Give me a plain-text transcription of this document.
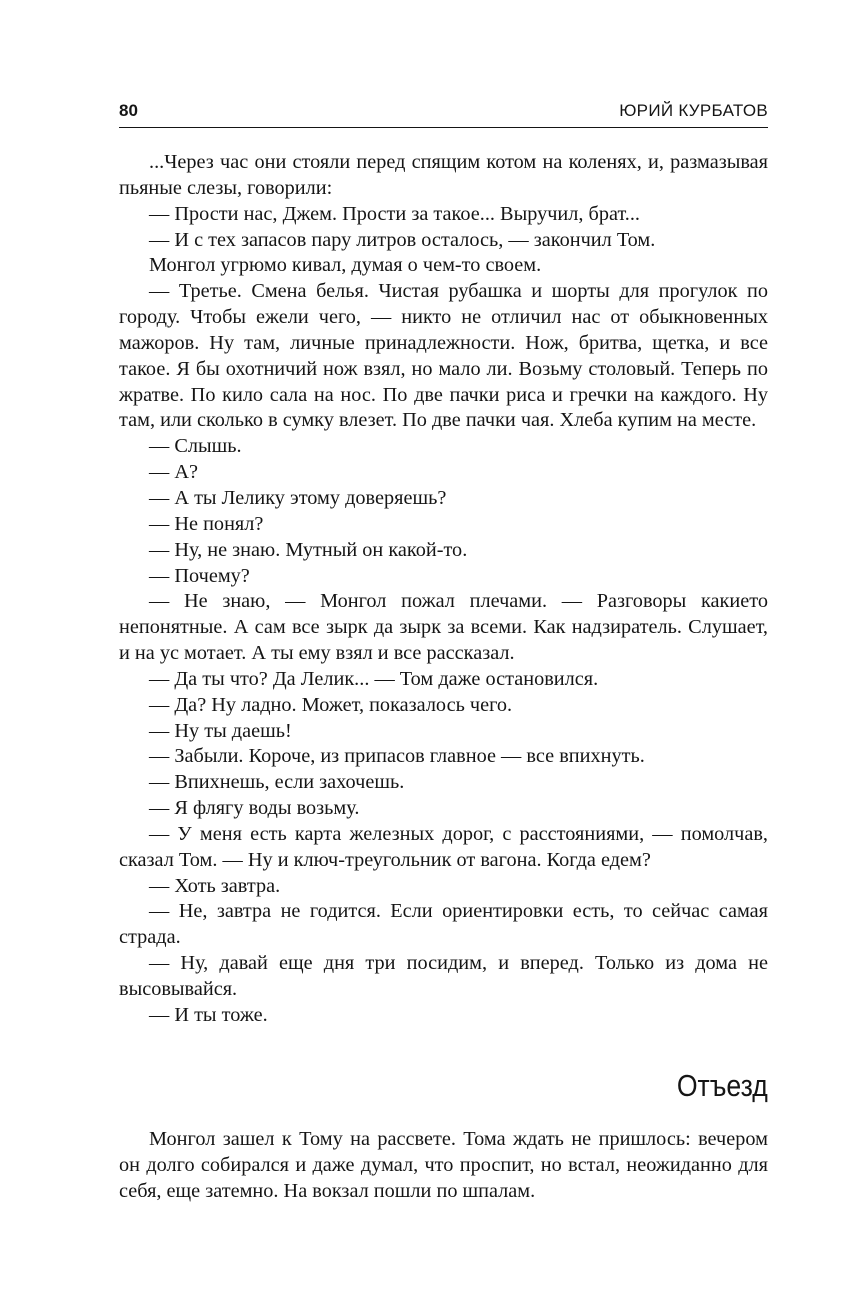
80	ЮРИЙ КУРБАТОВ

...Через час они стояли перед спящим котом на коленях, и, размазывая пьяные слезы, говорили:

— Прости нас, Джем. Прости за такое... Выручил, брат...

— И с тех запасов пару литров осталось, — закончил Том.

Монгол угрюмо кивал, думая о чем-то своем.

— Третье. Смена белья. Чистая рубашка и шорты для прогулок по городу. Чтобы ежели чего, — никто не отличил нас от обыкновенных мажоров. Ну там, личные принадлежности. Нож, бритва, щетка, и все такое. Я бы охотничий нож взял, но мало ли. Возьму столовый. Теперь по жратве. По кило сала на нос. По две пачки риса и гречки на каждого. Ну там, или сколько в сумку влезет. По две пачки чая. Хлеба купим на месте.

— Слышь.

— А?

— А ты Лелику этому доверяешь?

— Не понял?

— Ну, не знаю. Мутный он какой-то.

— Почему?

— Не знаю, — Монгол пожал плечами. — Разговоры какието непонятные. А сам все зырк да зырк за всеми. Как надзиратель. Слушает, и на ус мотает. А ты ему взял и все рассказал.

— Да ты что? Да Лелик... — Том даже остановился.

— Да? Ну ладно. Может, показалось чего.

— Ну ты даешь!

— Забыли. Короче, из припасов главное — все впихнуть.

— Впихнешь, если захочешь.

— Я флягу воды возьму.

— У меня есть карта железных дорог, с расстояниями, — помолчав, сказал Том. — Ну и ключ-треугольник от вагона. Когда едем?

— Хоть завтра.

— Не, завтра не годится. Если ориентировки есть, то сейчас самая страда.

— Ну, давай еще дня три посидим, и вперед. Только из дома не высовывайся.

— И ты тоже.

Отъезд

Монгол зашел к Тому на рассвете. Тома ждать не пришлось: вечером он долго собирался и даже думал, что проспит, но встал, неожиданно для себя, еще затемно. На вокзал пошли по шпалам.
